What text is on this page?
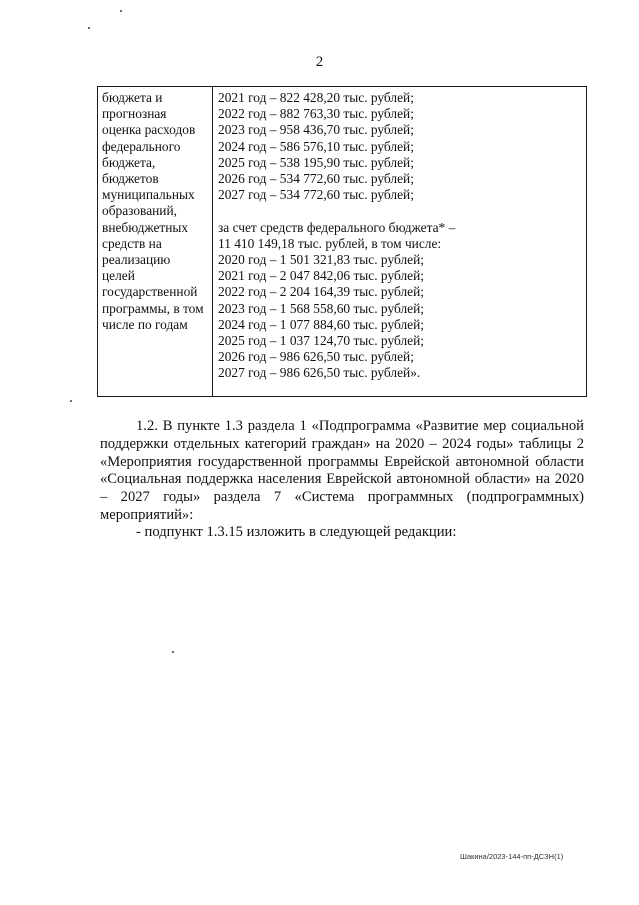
2
бюджета и
прогнозная
оценка расходов
федерального
бюджета,
бюджетов
муниципальных
образований,
внебюджетных
средств на
реализацию
целей
государственной
программы, в том
числе по годам
2021 год – 822 428,20 тыс. рублей;
2022 год – 882 763,30 тыс. рублей;
2023 год – 958 436,70 тыс. рублей;
2024 год – 586 576,10 тыс. рублей;
2025 год – 538 195,90 тыс. рублей;
2026 год – 534 772,60 тыс. рублей;
2027 год – 534 772,60 тыс. рублей;
за счет средств федерального бюджета* –
11 410 149,18 тыс. рублей, в том числе:
2020 год – 1 501 321,83 тыс. рублей;
2021 год – 2 047 842,06 тыс. рублей;
2022 год – 2 204 164,39 тыс. рублей;
2023 год – 1 568 558,60 тыс. рублей;
2024 год – 1 077 884,60 тыс. рублей;
2025 год – 1 037 124,70 тыс. рублей;
2026 год – 986 626,50 тыс. рублей;
2027 год – 986 626,50 тыс. рублей».
1.2. В пункте 1.3 раздела 1 «Подпрограмма «Развитие мер социальной поддержки отдельных категорий граждан» на 2020 – 2024 годы» таблицы 2 «Мероприятия государственной программы Еврейской автономной области «Социальная поддержка населения Еврейской автономной области» на 2020 – 2027 годы» раздела 7 «Система программных (подпрограммных) мероприятий»:
- подпункт 1.3.15 изложить в следующей редакции:
Шакина/2023-144-пп-ДСЗН(1)
